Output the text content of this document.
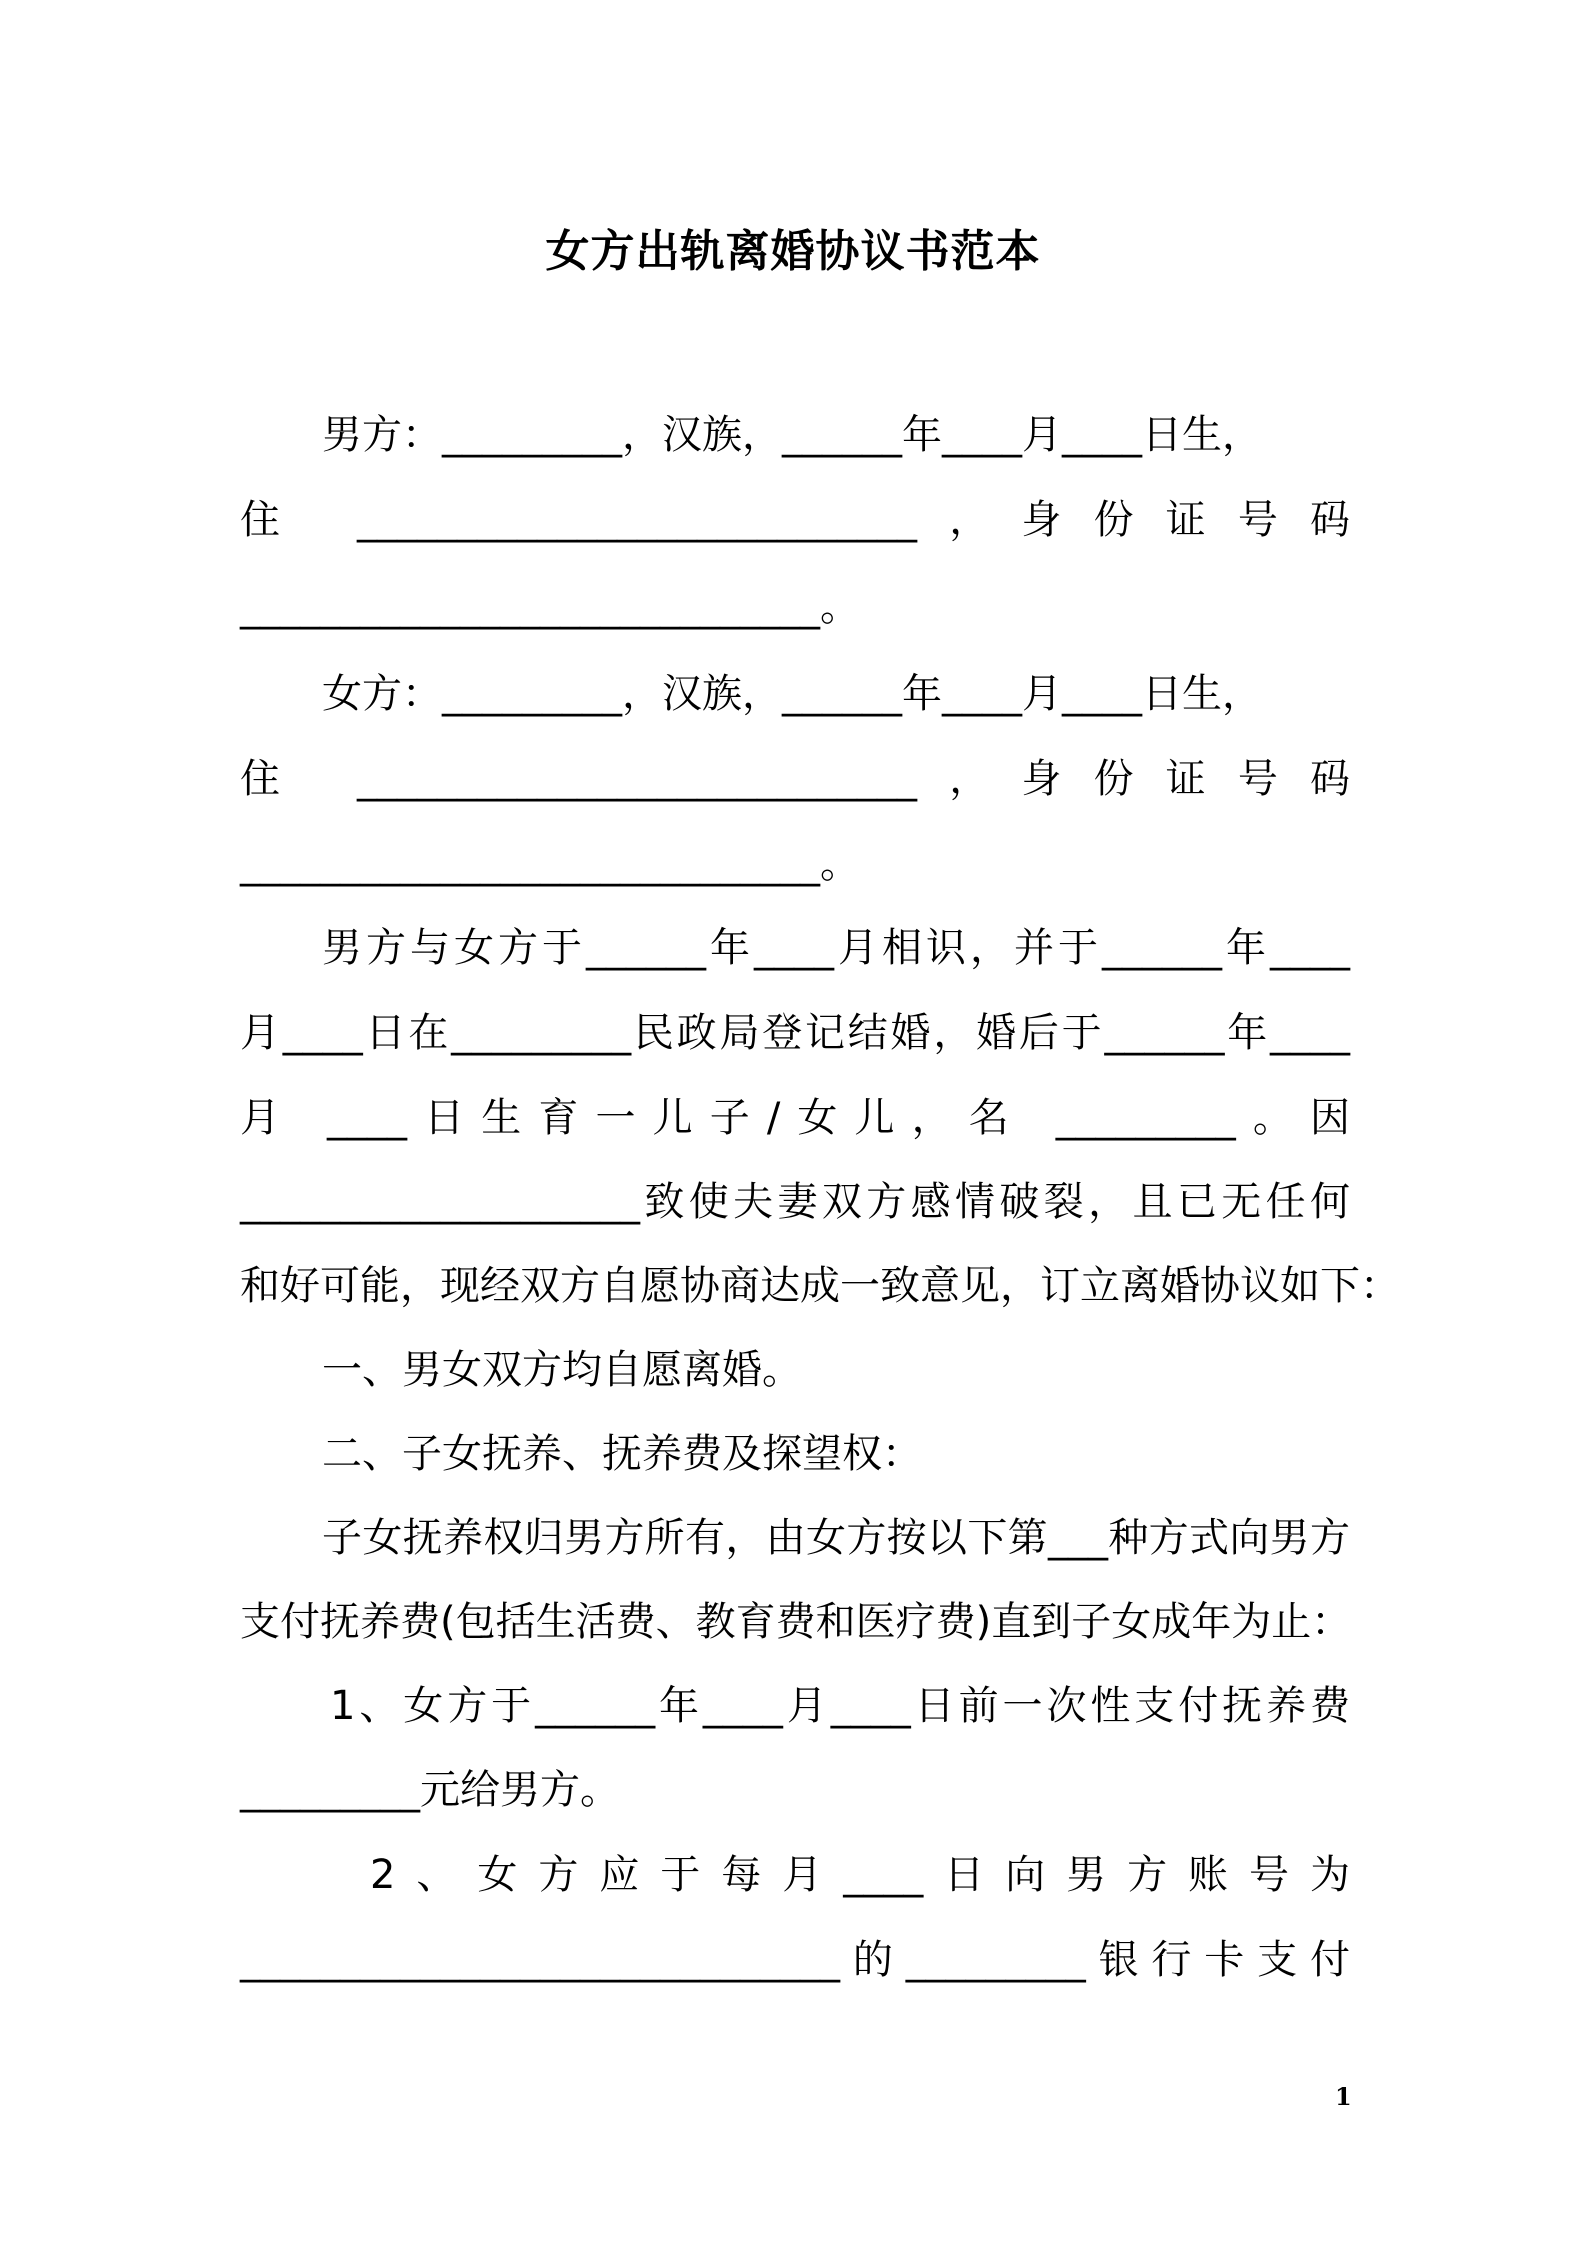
女方出轨离婚协议书范本
男方：_________，汉族，______年____月____日生，
住 ____________________________，身份证号码
_____________________________。
女方：_________，汉族，______年____月____日生，
住 ____________________________，身份证号码
_____________________________。
男方与女方于______年____月相识，并于______年____
月____日在_________民政局登记结婚，婚后于______年____
月 ____日生育一儿子/女儿，名 _________。因
____________________致使夫妻双方感情破裂，且已无任何
和好可能，现经双方自愿协商达成一致意见，订立离婚协议如下：
一、男女双方均自愿离婚。
二、子女抚养、抚养费及探望权：
子女抚养权归男方所有，由女方按以下第___种方式向男方
支付抚养费(包括生活费、教育费和医疗费)直到子女成年为止：
1、女方于______年____月____日前一次性支付抚养费
_________元给男方。
2、女方应于每月____日向男方账号为
______________________________的_________银行卡支付
1
